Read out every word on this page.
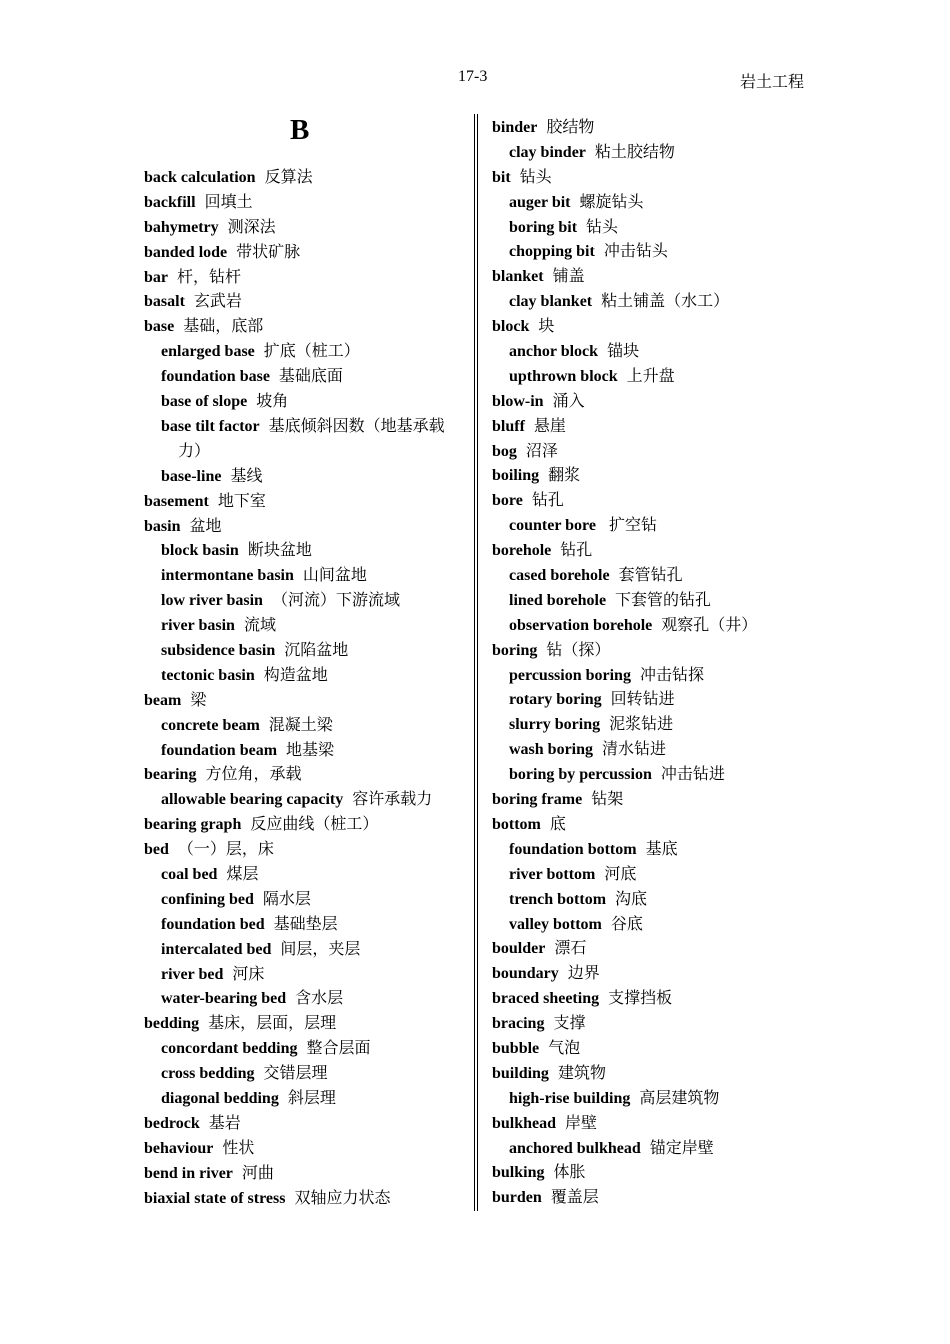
17-3	岩土工程
B
back calculation 反算法
backfill 回填土
bahymetry 测深法
banded lode 带状矿脉
bar 杆，钻杆
basalt 玄武岩
base 基础，底部
enlarged base 扩底（桩工）
foundation base 基础底面
base of slope 坡角
base tilt factor 基底倾斜因数（地基承载
力）
base-line 基线
basement 地下室
basin 盆地
block basin 断块盆地
intermontane basin 山间盆地
low river basin （河流）下游流域
river basin 流域
subsidence basin 沉陷盆地
tectonic basin 构造盆地
beam 梁
concrete beam 混凝土梁
foundation beam 地基梁
bearing 方位角，承载
allowable bearing capacity 容许承载力
bearing graph 反应曲线（桩工）
bed （一）层，床
coal bed 煤层
confining bed 隔水层
foundation bed 基础垫层
intercalated bed 间层，夹层
river bed 河床
water-bearing bed 含水层
bedding 基床，层面，层理
concordant bedding 整合层面
cross bedding 交错层理
diagonal bedding 斜层理
bedrock 基岩
behaviour 性状
bend in river 河曲
biaxial state of stress 双轴应力状态
binder 胶结物
clay binder 粘土胶结物
bit 钻头
auger bit 螺旋钻头
boring bit 钻头
chopping bit 冲击钻头
blanket 铺盖
clay blanket 粘土铺盖（水工）
block 块
anchor block 锚块
upthrown block 上升盘
blow-in 涌入
bluff 悬崖
bog 沼泽
boiling 翻浆
bore 钻孔
counter bore 扩空钻
borehole 钻孔
cased borehole 套管钻孔
lined borehole 下套管的钻孔
observation borehole 观察孔（井）
boring 钻（探）
percussion boring 冲击钻探
rotary boring 回转钻进
slurry boring 泥浆钻进
wash boring 清水钻进
boring by percussion 冲击钻进
boring frame 钻架
bottom 底
foundation bottom 基底
river bottom 河底
trench bottom 沟底
valley bottom 谷底
boulder 漂石
boundary 边界
braced sheeting 支撑挡板
bracing 支撑
bubble 气泡
building 建筑物
high-rise building 高层建筑物
bulkhead 岸壁
anchored bulkhead 锚定岸壁
bulking 体胀
burden 覆盖层
